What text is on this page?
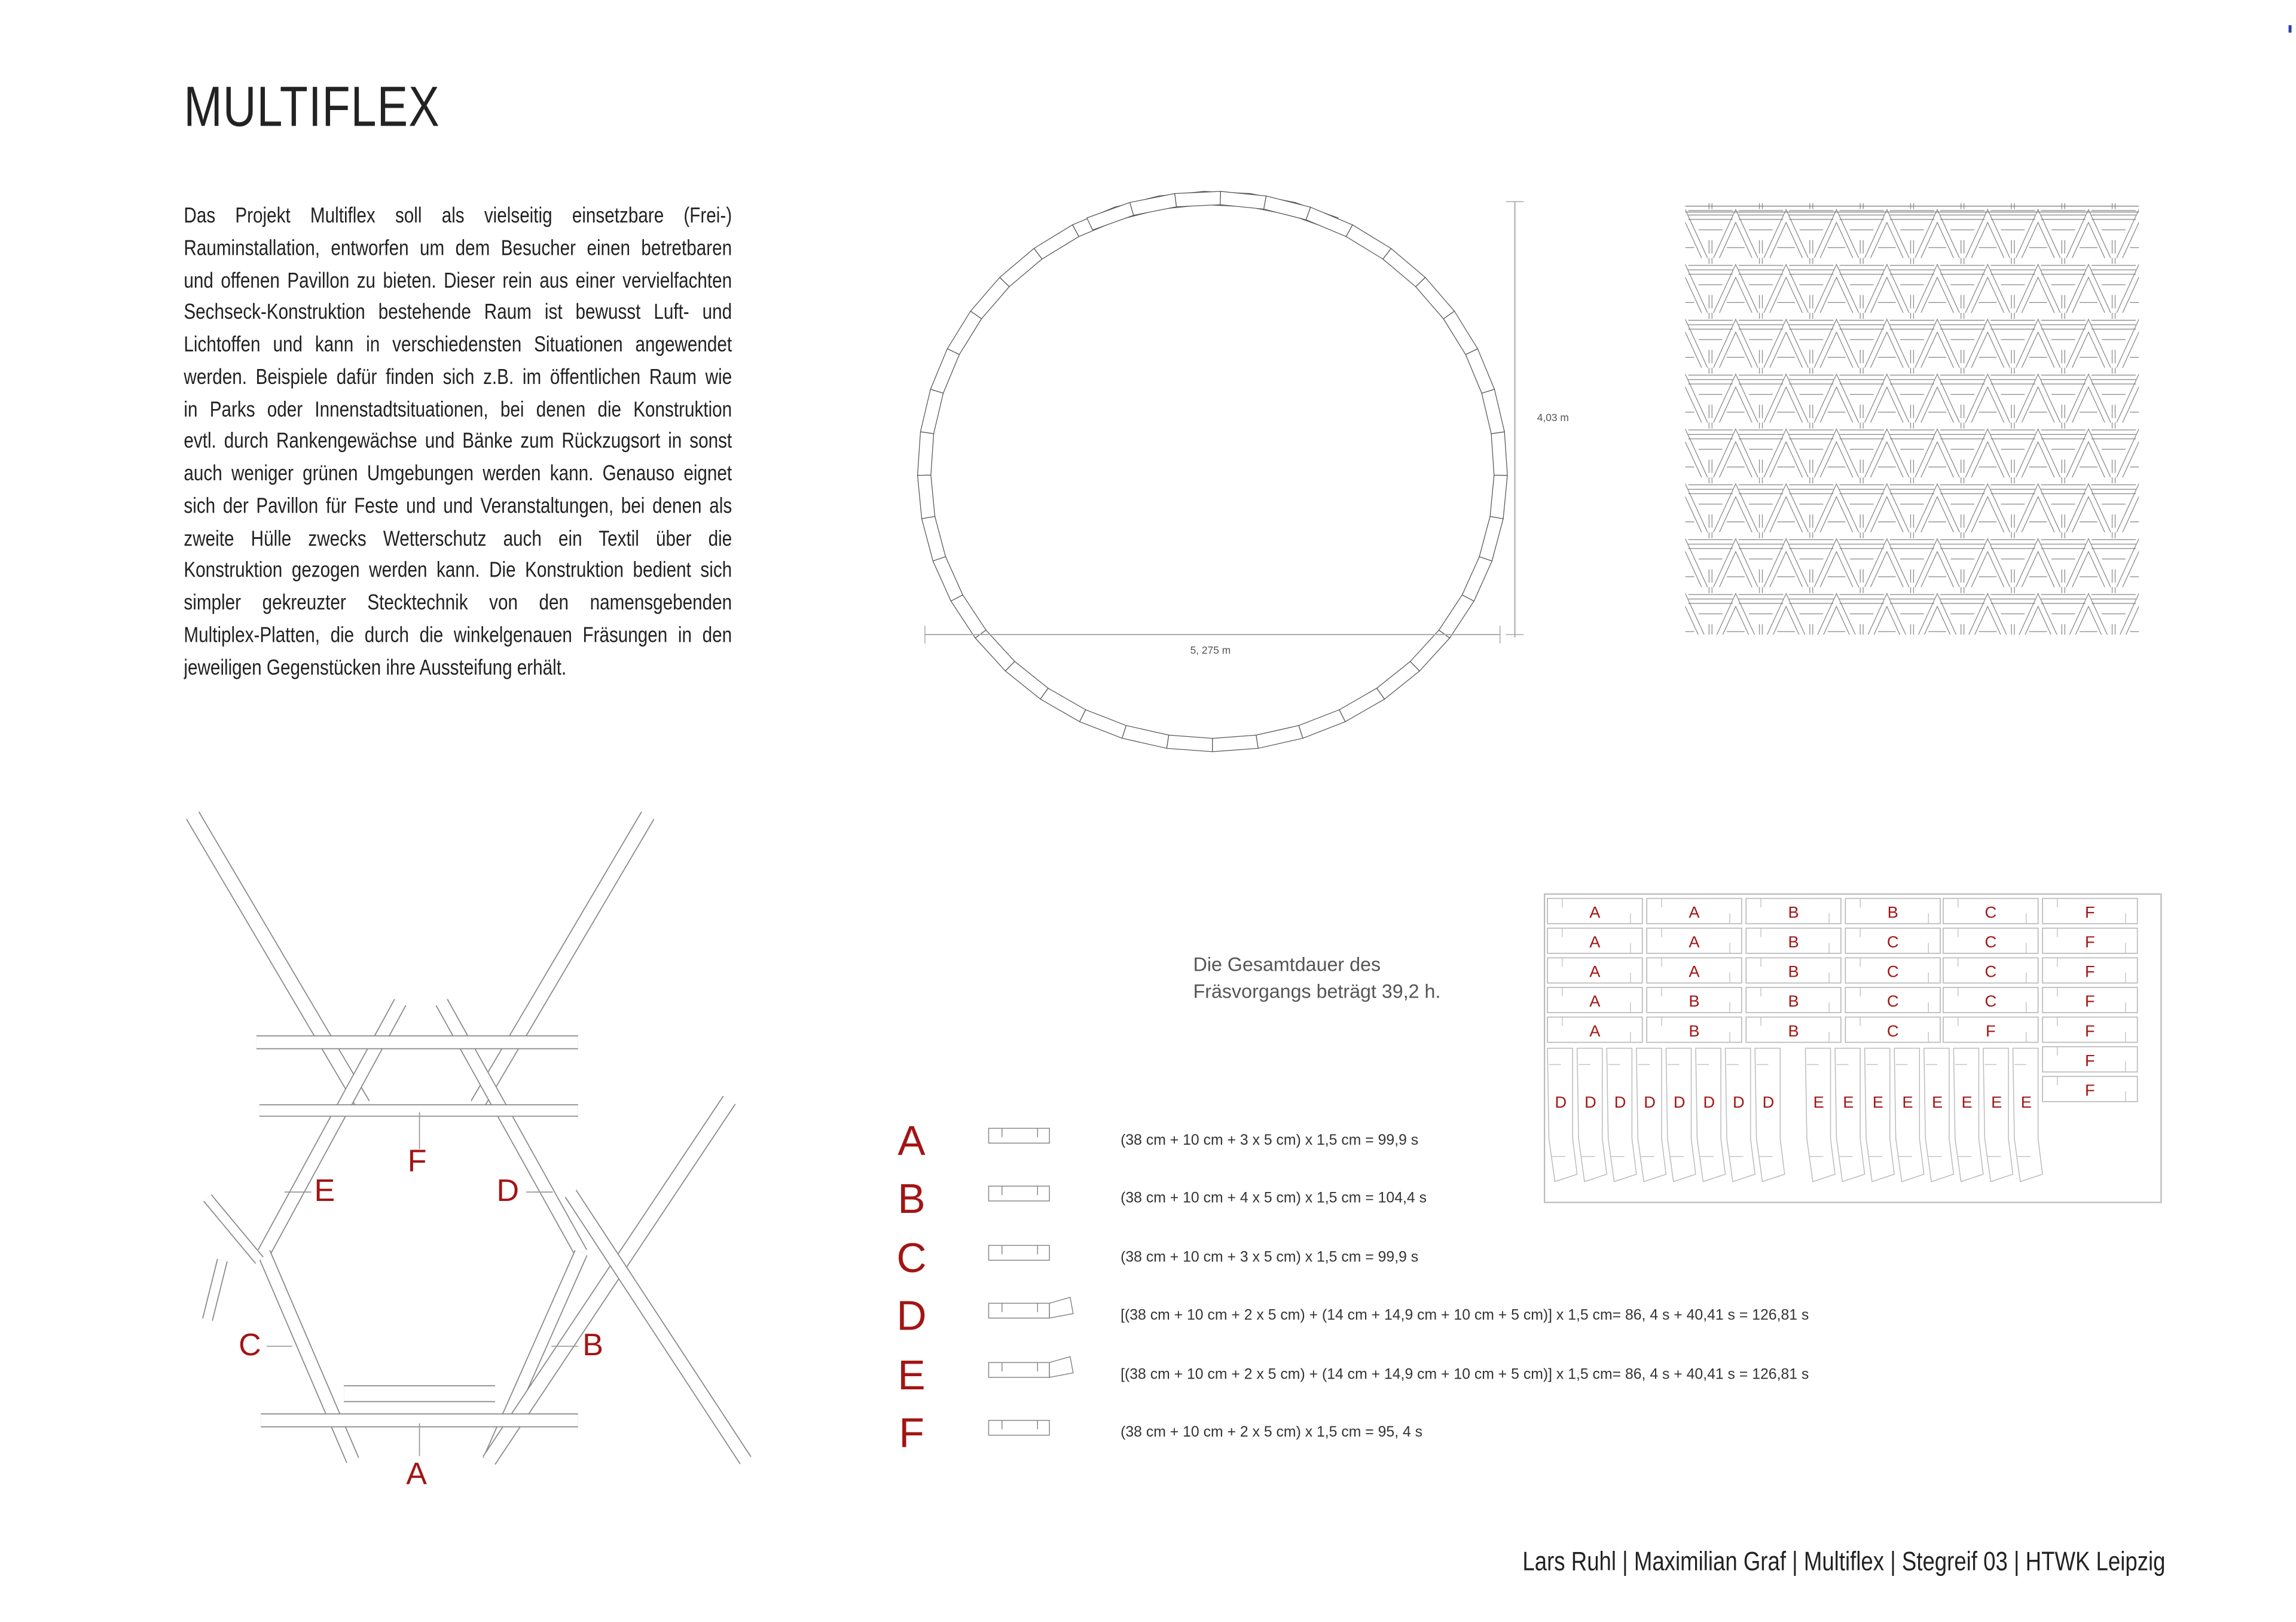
MULTIFLEX
Das Projekt Multiflex soll als vielseitig einsetzbare (Frei-)
Rauminstallation, entworfen um dem Besucher einen betretbaren
und offenen Pavillon zu bieten. Dieser rein aus einer vervielfachten
Sechseck-Konstruktion bestehende Raum ist bewusst Luft- und
Lichtoffen und kann in verschiedensten Situationen angewendet
werden. Beispiele dafür finden sich z.B. im öffentlichen Raum wie
in Parks oder Innenstadtsituationen, bei denen die Konstruktion
evtl. durch Rankengewächse und Bänke zum Rückzugsort in sonst
auch weniger grünen Umgebungen werden kann. Genauso eignet
sich der Pavillon für Feste und und Veranstaltungen, bei denen als
zweite Hülle zwecks Wetterschutz auch ein Textil über die
Konstruktion gezogen werden kann. Die Konstruktion bedient sich
simpler gekreuzter Stecktechnik von den namensgebenden
Multiplex-Platten, die durch die winkelgenauen Fräsungen in den
jeweiligen Gegenstücken ihre Aussteifung erhält.
4,03 m
5, 275 m
F
E	D
C	B
A
Die Gesamtdauer des
Fräsvorgangs beträgt 39,2 h.
A	(38 cm + 10 cm + 3 x 5 cm) x 1,5 cm = 99,9 s
B	(38 cm + 10 cm + 4 x 5 cm) x 1,5 cm = 104,4 s
C	(38 cm + 10 cm + 3 x 5 cm) x 1,5 cm = 99,9 s
D	[(38 cm + 10 cm + 2 x 5 cm) + (14 cm + 14,9 cm + 10 cm + 5 cm)] x 1,5 cm= 86, 4 s + 40,41 s = 126,81 s
E	[(38 cm + 10 cm + 2 x 5 cm) + (14 cm + 14,9 cm + 10 cm + 5 cm)] x 1,5 cm= 86, 4 s + 40,41 s = 126,81 s
F	(38 cm + 10 cm + 2 x 5 cm) x 1,5 cm = 95, 4 s
A	A	B	B	C	F
A	A	B	C	C	F
A	A	B	C	C	F
A	B	B	C	C	F
A	B	B	C	F	F
F
F
D	D	D	D	D	D	D	D	E	E	E	E	E	E	E	E
Lars Ruhl | Maximilian Graf | Multiflex | Stegreif 03 | HTWK Leipzig
